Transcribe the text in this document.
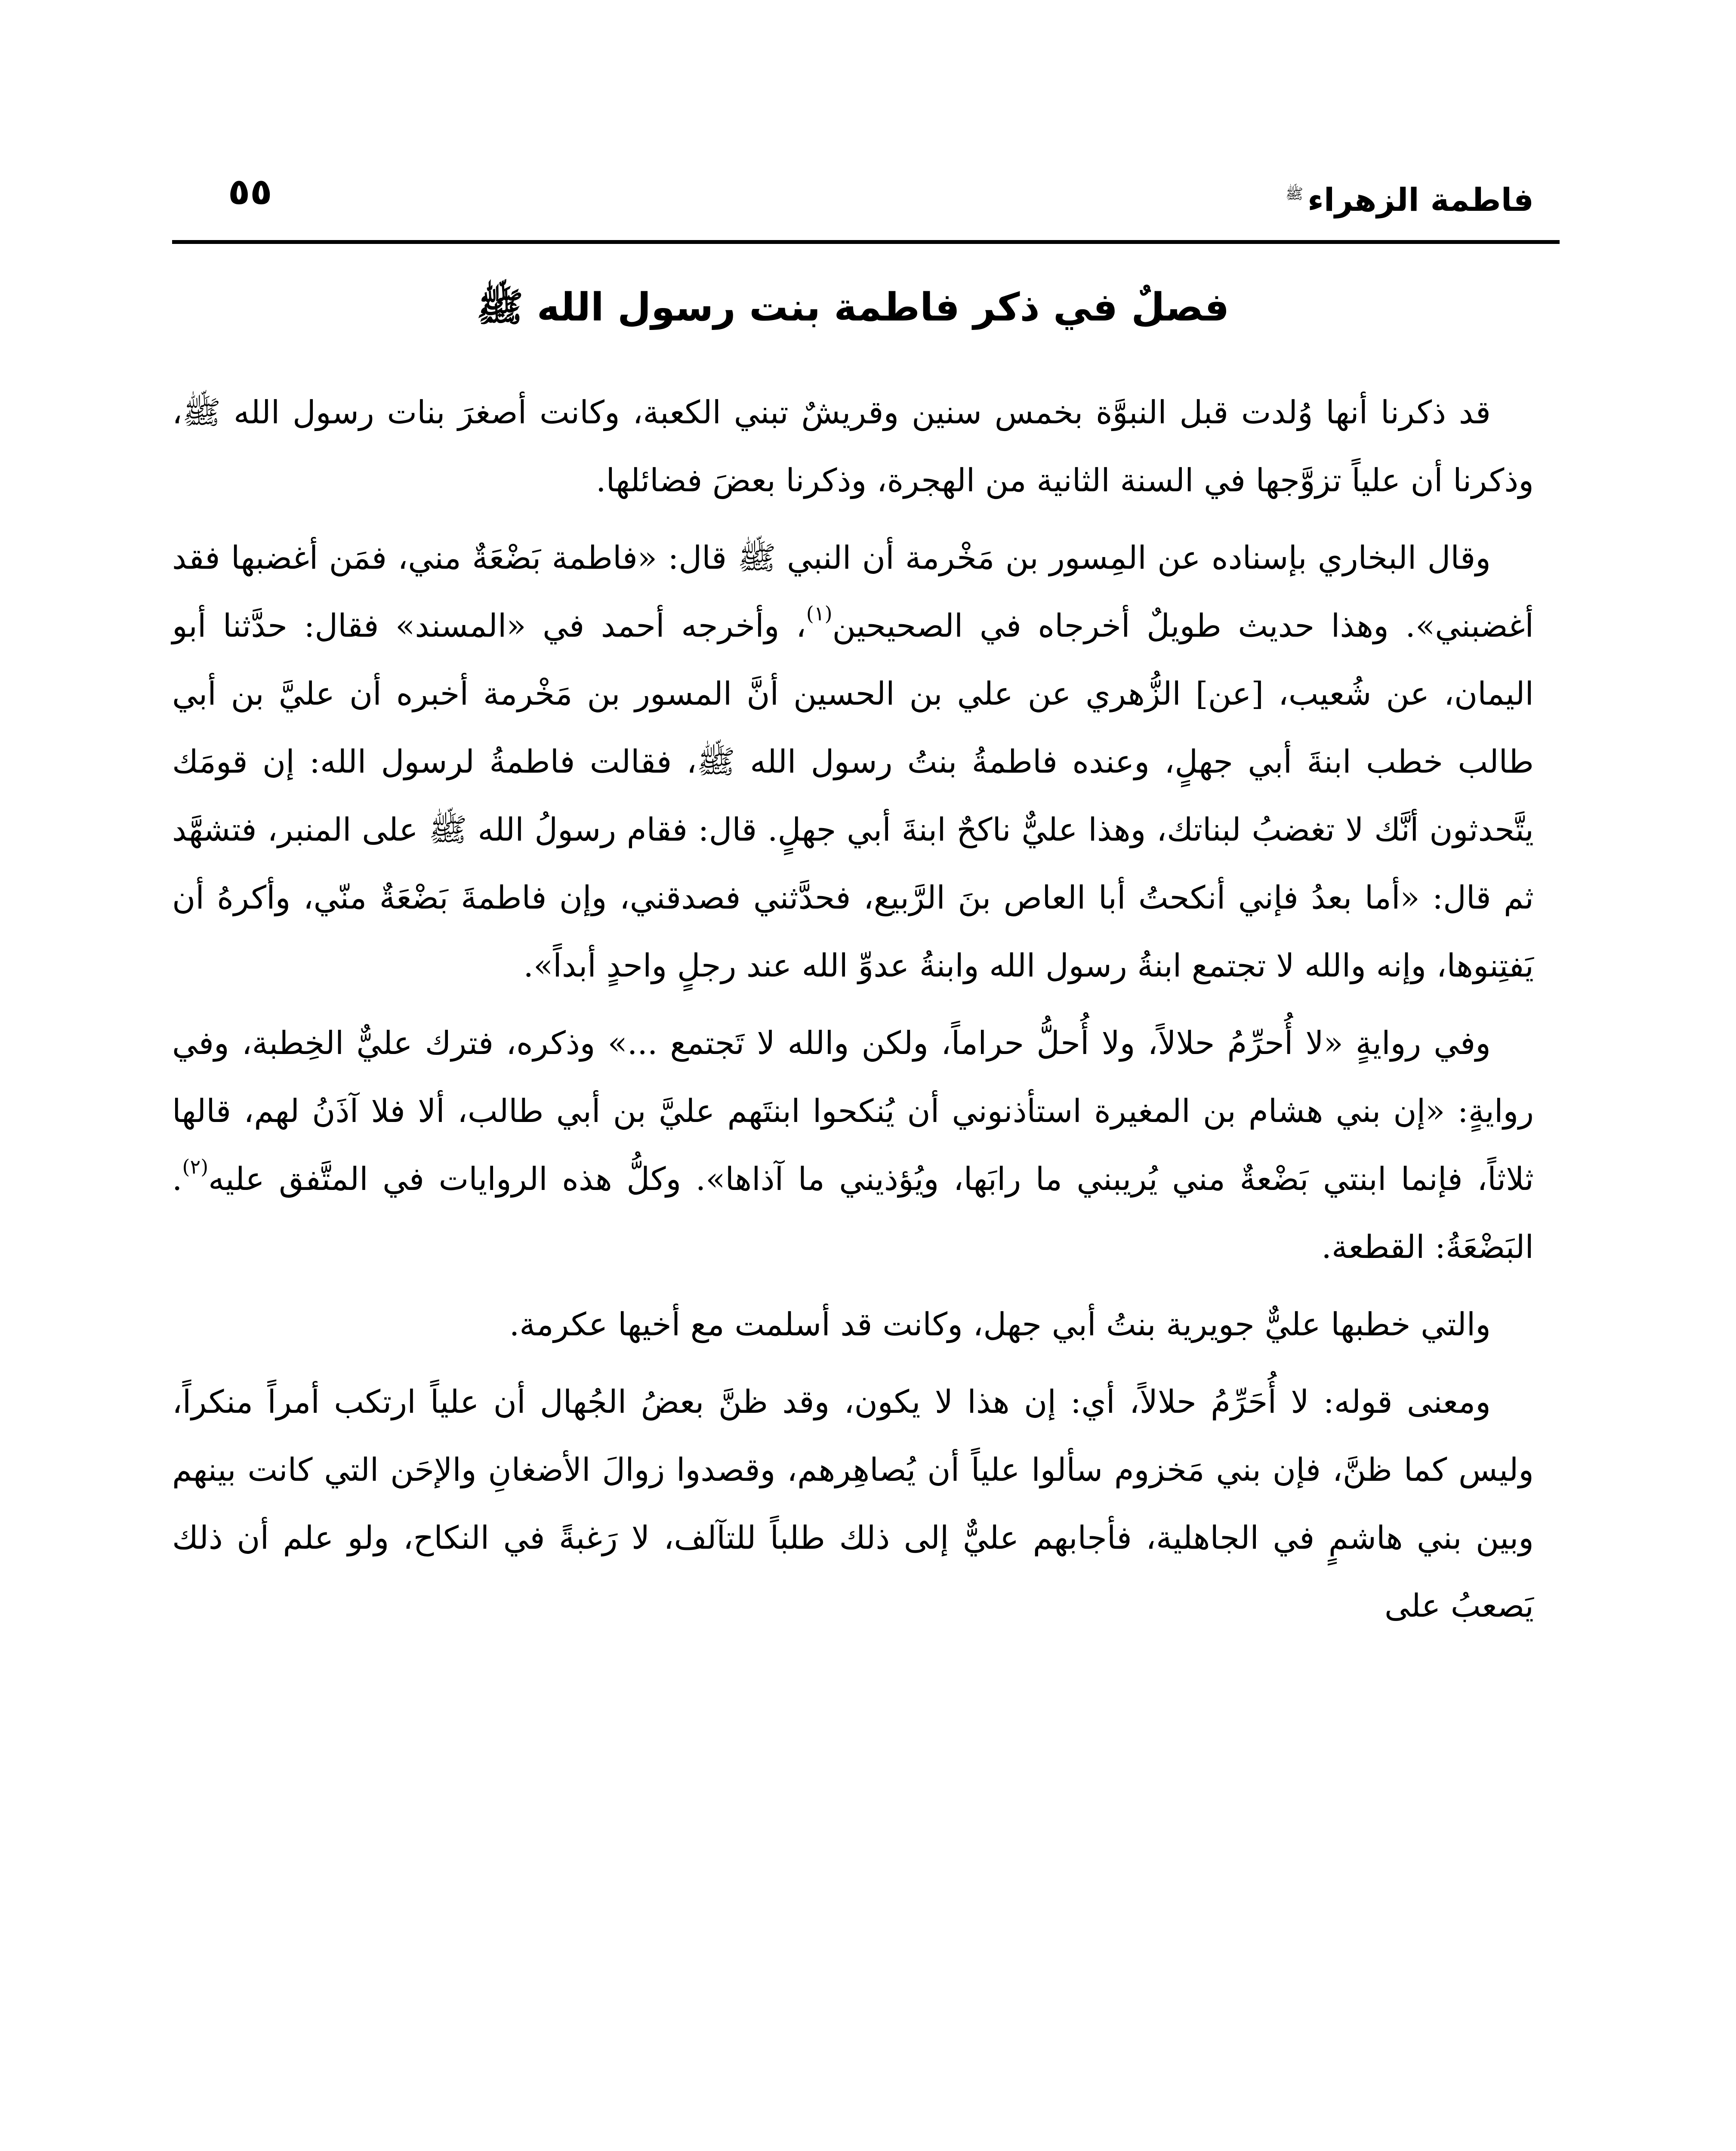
فاطمة الزهراءﷺ
٥٥
فصلٌ في ذكر فاطمة بنت رسول الله ﷺ

قد ذكرنا أنها وُلدت قبل النبوَّة بخمس سنين وقريشٌ تبني الكعبة، وكانت أصغرَ بنات رسول الله ﷺ، وذكرنا أن علياً تزوَّجها في السنة الثانية من الهجرة، وذكرنا بعضَ فضائلها.

وقال البخاري بإسناده عن المِسور بن مَخْرمة أن النبي ﷺ قال: «فاطمة بَضْعَةٌ مني، فمَن أغضبها فقد أغضبني». وهذا حديث طويلٌ أخرجاه في الصحيحين$^{(١)}$، وأخرجه أحمد في «المسند» فقال: حدَّثنا أبو اليمان، عن شُعيب، [عن] الزُّهري عن علي بن الحسين أنَّ المسور بن مَخْرمة أخبره أن عليَّ بن أبي طالب خطب ابنةَ أبي جهلٍ، وعنده فاطمةُ بنتُ رسول الله ﷺ، فقالت فاطمةُ لرسول الله: إن قومَك يتَّحدثون أنَّك لا تغضبُ لبناتك، وهذا عليٌّ ناكحٌ ابنةَ أبي جهلٍ. قال: فقام رسولُ الله ﷺ على المنبر، فتشهَّد ثم قال: «أما بعدُ فإني أنكحتُ أبا العاص بنَ الرَّبيع، فحدَّثني فصدقني، وإن فاطمةَ بَضْعَةٌ منّي، وأكرهُ أن يَفتِنوها، وإنه والله لا تجتمع ابنةُ رسول الله وابنةُ عدوِّ الله عند رجلٍ واحدٍ أبداً».

وفي روايةٍ «لا أُحرِّمُ حلالاً، ولا أُحلُّ حراماً، ولكن والله لا تَجتمع ...» وذكره، فترك عليٌّ الخِطبة، وفي روايةٍ: «إن بني هشام بن المغيرة استأذنوني أن يُنكحوا ابنتَهم عليَّ بن أبي طالب، ألا فلا آذَنُ لهم، قالها ثلاثاً، فإنما ابنتي بَضْعةٌ مني يُريبني ما رابَها، ويُؤذيني ما آذاها». وكلُّ هذه الروايات في المتَّفق عليه$^{(٢)}$. البَضْعَةُ: القطعة.

والتي خطبها عليٌّ جويرية بنتُ أبي جهل، وكانت قد أسلمت مع أخيها عكرمة.

ومعنى قوله: لا أُحَرِّمُ حلالاً، أي: إن هذا لا يكون، وقد ظنَّ بعضُ الجُهال أن علياً ارتكب أمراً منكراً، وليس كما ظنَّ، فإن بني مَخزوم سألوا علياً أن يُصاهِرهم، وقصدوا زوالَ الأضغانِ والإحَن التي كانت بينهم وبين بني هاشمٍ في الجاهلية، فأجابهم عليٌّ إلى ذلك طلباً للتآلف، لا رَغبةً في النكاح، ولو علم أن ذلك يَصعبُ على
